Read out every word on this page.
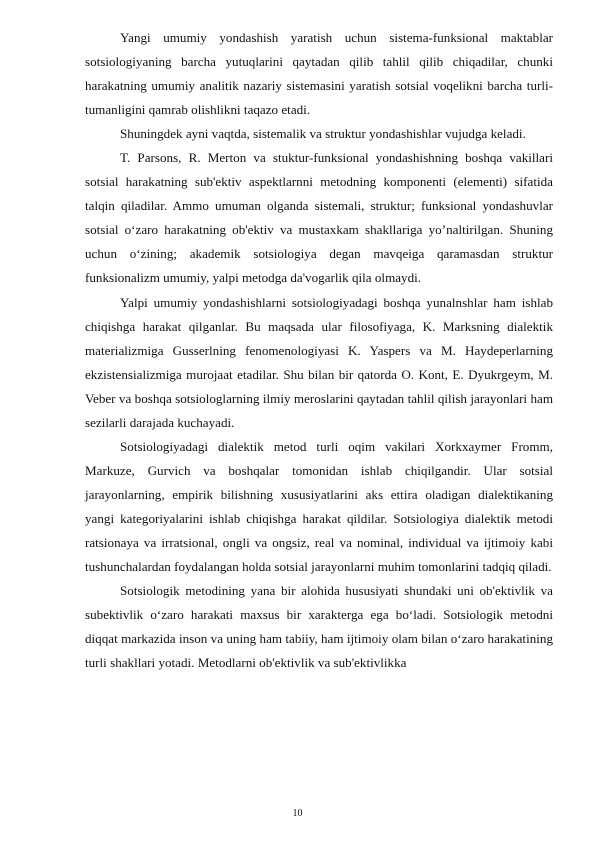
Yangi umumiy yondashish yaratish uchun sistema-funksional maktablar sotsiologiyaning barcha yutuqlarini qaytadan qilib tahlil qilib chiqadilar, chunki harakatning umumiy analitik nazariy sistemasini yaratish sotsial voqelikni barcha turli-tumanligini qamrab olishlikni taqazo etadi.

Shuningdek ayni vaqtda, sistemalik va struktur yondashishlar vujudga keladi.

T. Parsons, R. Merton va stuktur-funksional yondashishning boshqa vakillari sotsial harakatning sub'ektiv aspektlarnni metodning komponenti (elementi) sifatida talqin qiladilar. Ammo umuman olganda sistemali, struktur; funksional yondashuvlar sotsial o‘zaro harakatning ob'ektiv va mustaxkam shakllariga yo’naltirilgan. Shuning uchun o‘zining; akademik sotsiologiya degan mavqeiga qaramasdan struktur funksionalizm umumiy, yalpi metodga da'vogarlik qila olmaydi.

Yalpi umumiy yondashishlarni sotsiologiyadagi boshqa yunalnshlar ham ishlab chiqishga harakat qilganlar. Bu maqsada ular filosofiyaga, K. Marksning dialektik materializmiga Gusserlning fenomenologiyasi K. Yaspers va M. Haydeperlarning ekzistensializmiga murojaat etadilar. Shu bilan bir qatorda O. Kont, E. Dyukrgeym, M. Veber va boshqa sotsiologlarning ilmiy meroslarini qaytadan tahlil qilish jarayonlari ham sezilarli darajada kuchayadi.

Sotsiologiyadagi dialektik metod turli oqim vakilari Xorkxaymer Fromm, Markuze, Gurvich va boshqalar tomonidan ishlab chiqilgandir. Ular sotsial jarayonlarning, empirik bilishning xususiyatlarini aks ettira oladigan dialektikaning yangi kategoriyalarini ishlab chiqishga harakat qildilar. Sotsiologiya dialektik metodi ratsionaya va irratsional, ongli va ongsiz, real va nominal, individual va ijtimoiy kabi tushunchalardan foydalangan holda sotsial jarayonlarni muhim tomonlarini tadqiq qiladi.

Sotsiologik metodining yana bir alohida hususiyati shundaki uni ob'ektivlik va subektivlik o‘zaro harakati maxsus bir xarakterga ega bo‘ladi. Sotsiologik metodni diqqat markazida inson va uning ham tabiiy, ham ijtimoiy olam bilan o‘zaro harakatining turli shakllari yotadi. Metodlarni ob'ektivlik va sub'ektivlikka

10
